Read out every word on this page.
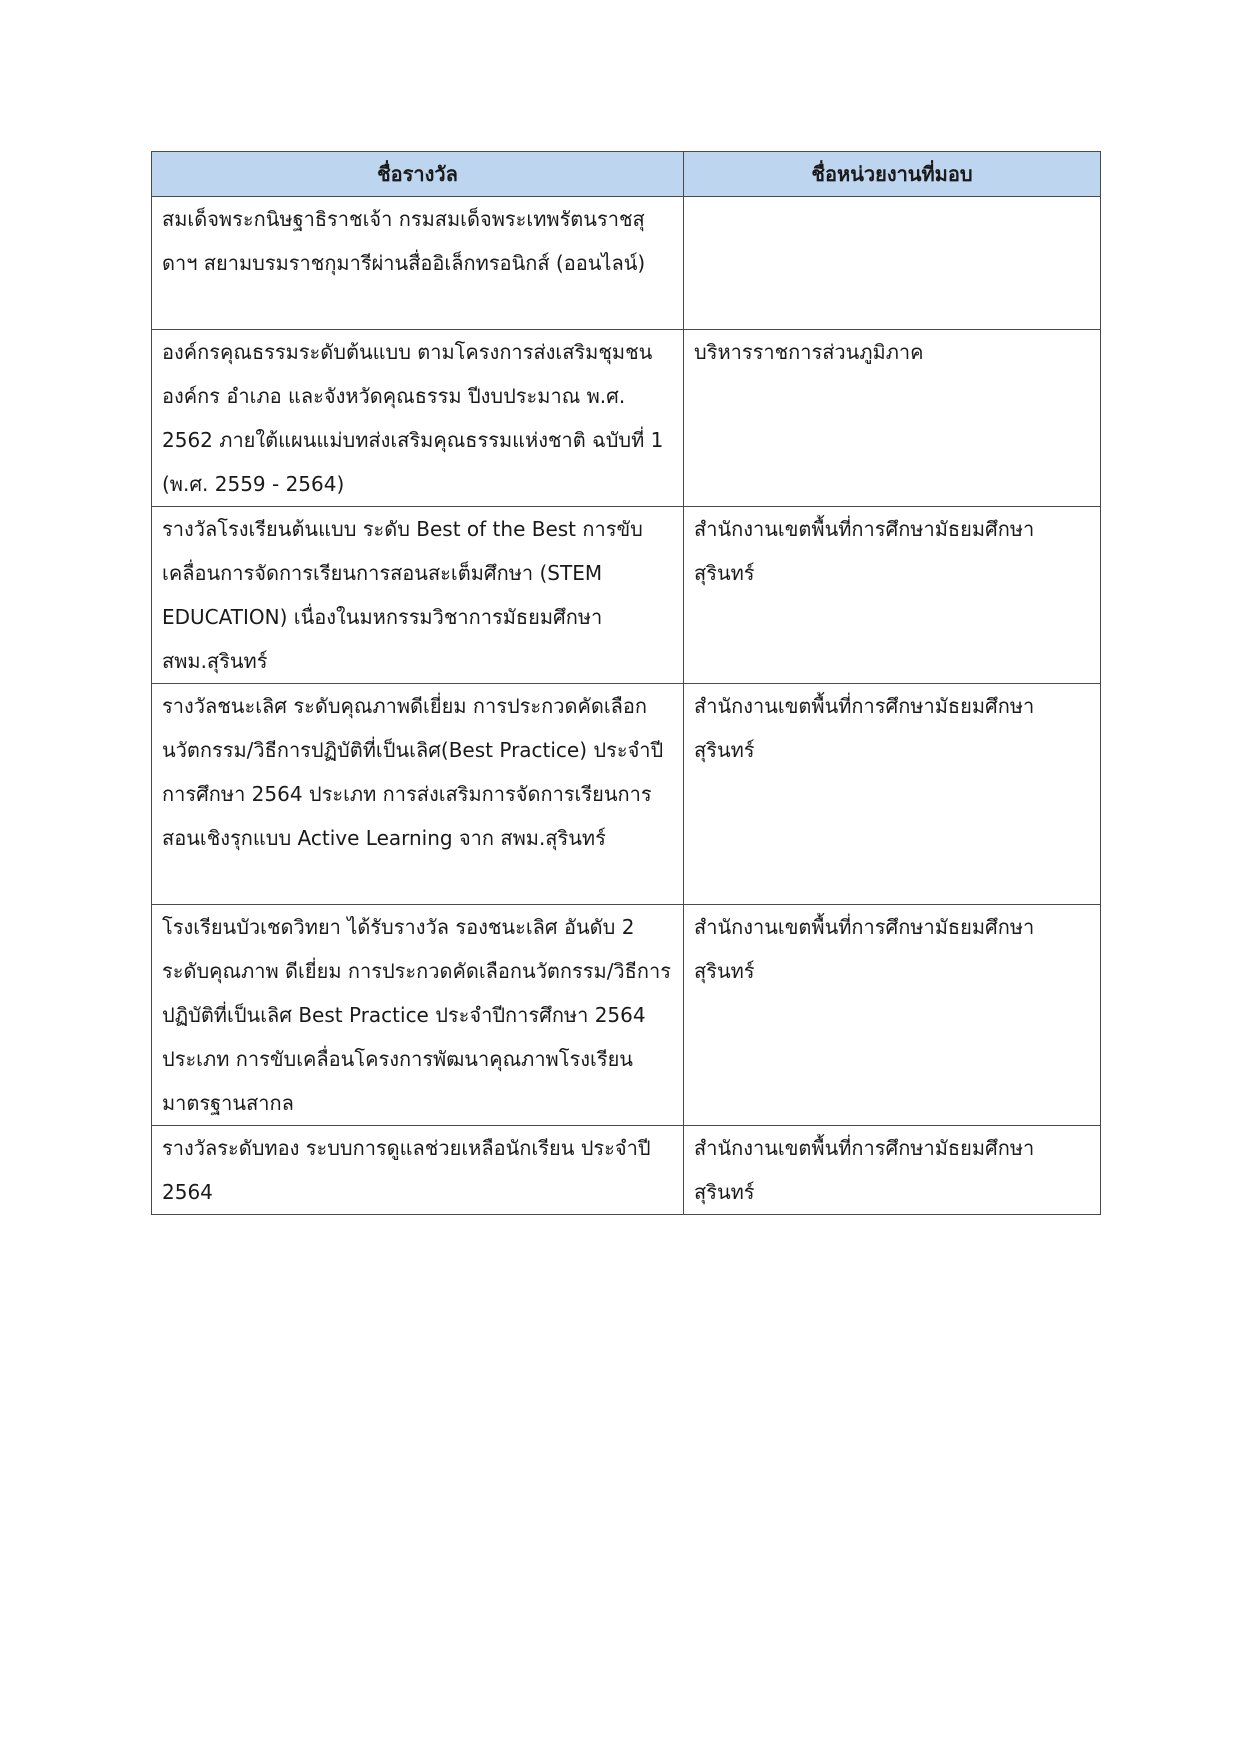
ชื่อรางวัล	ชื่อหน่วยงานที่มอบ
สมเด็จพระกนิษฐาธิราชเจ้า กรมสมเด็จพระเทพรัตนราชสุดาฯ สยามบรมราชกุมารีผ่านสื่ออิเล็กทรอนิกส์ (ออนไลน์)	
องค์กรคุณธรรมระดับต้นแบบ ตามโครงการส่งเสริมชุมชน องค์กร อำเภอ และจังหวัดคุณธรรม ปีงบประมาณ พ.ศ. 2562 ภายใต้แผนแม่บทส่งเสริมคุณธรรมแห่งชาติ ฉบับที่ 1 (พ.ศ. 2559 - 2564)	บริหารราชการส่วนภูมิภาค
รางวัลโรงเรียนต้นแบบ ระดับ Best of the Best การขับเคลื่อนการจัดการเรียนการสอนสะเต็มศึกษา (STEM EDUCATION) เนื่องในมหกรรมวิชาการมัธยมศึกษา สพม.สุรินทร์	สำนักงานเขตพื้นที่การศึกษามัธยมศึกษาสุรินทร์
รางวัลชนะเลิศ ระดับคุณภาพดีเยี่ยม การประกวดคัดเลือกนวัตกรรม/วิธีการปฏิบัติที่เป็นเลิศ(Best Practice) ประจำปีการศึกษา 2564 ประเภท การส่งเสริมการจัดการเรียนการสอนเชิงรุกแบบ Active Learning จาก สพม.สุรินทร์	สำนักงานเขตพื้นที่การศึกษามัธยมศึกษาสุรินทร์
โรงเรียนบัวเชดวิทยา ได้รับรางวัล รองชนะเลิศ อันดับ 2 ระดับคุณภาพ ดีเยี่ยม การประกวดคัดเลือกนวัตกรรม/วิธีการปฏิบัติที่เป็นเลิศ Best Practice ประจำปีการศึกษา 2564 ประเภท การขับเคลื่อนโครงการพัฒนาคุณภาพโรงเรียนมาตรฐานสากล	สำนักงานเขตพื้นที่การศึกษามัธยมศึกษาสุรินทร์
รางวัลระดับทอง ระบบการดูแลช่วยเหลือนักเรียน ประจำปี 2564	สำนักงานเขตพื้นที่การศึกษามัธยมศึกษาสุรินทร์
